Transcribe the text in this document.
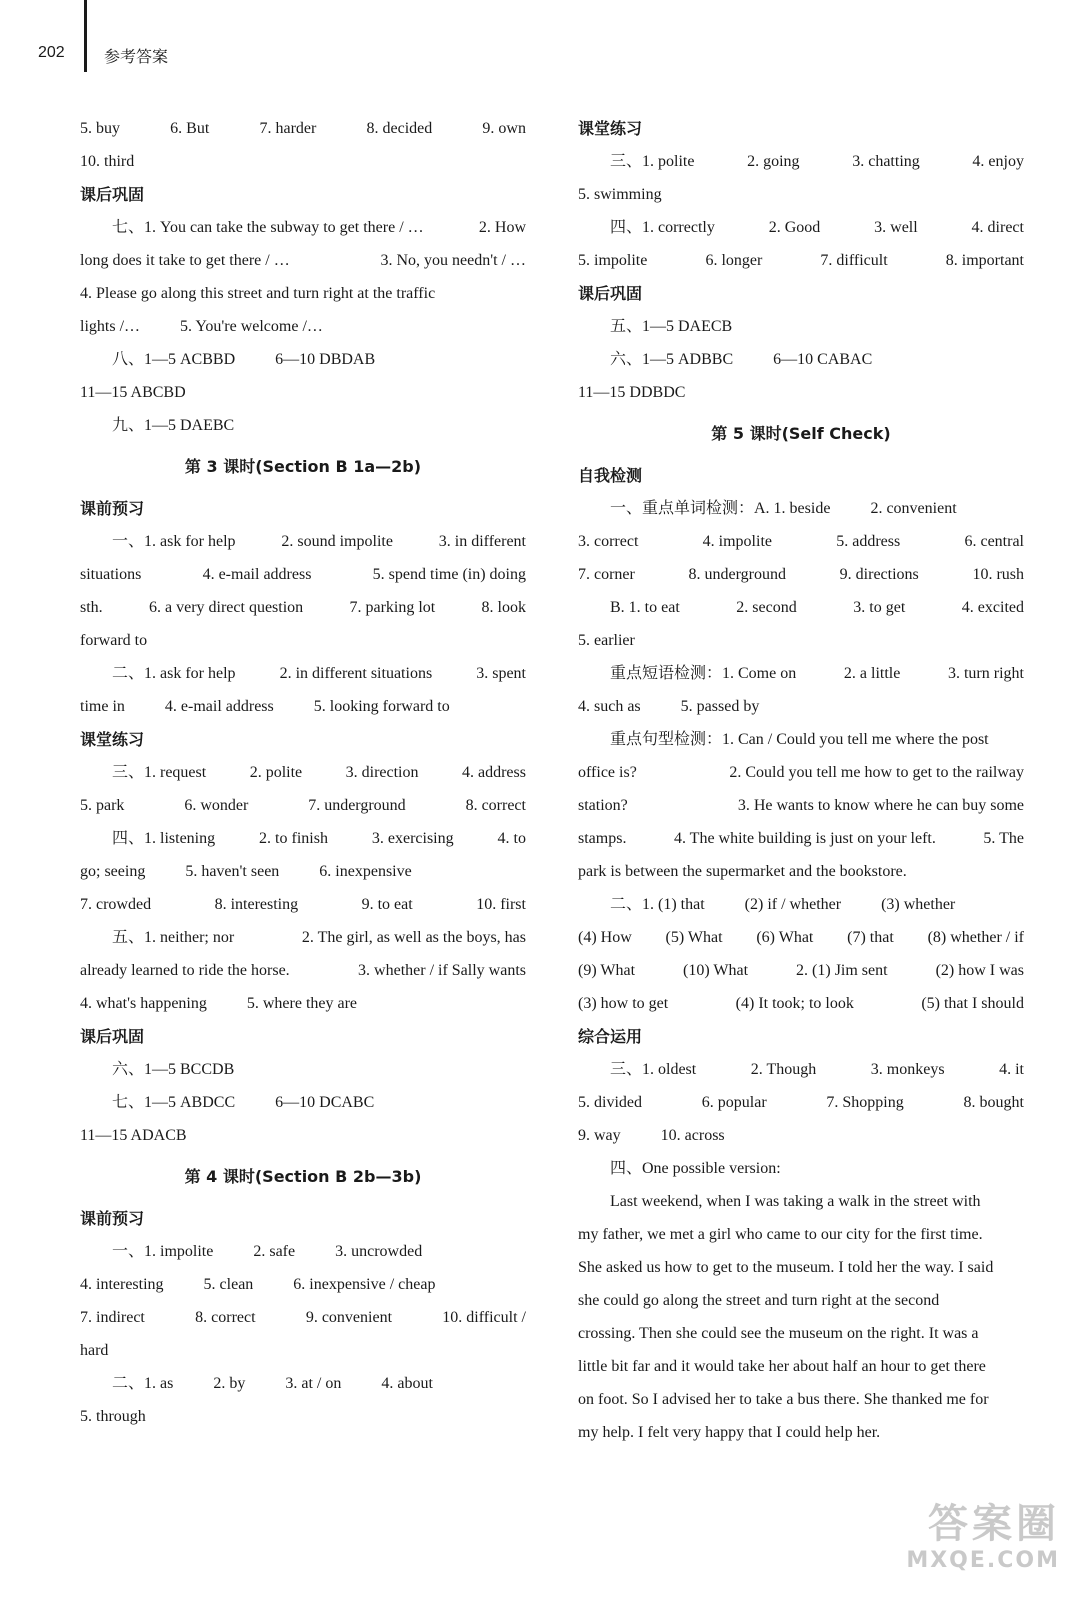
202 参考答案
5. buy	6. But	7. harder	8. decided	9. own
10. third
课后巩固
七、1. You can take the subway to get there / …	2. How
long does it take to get there / …	3. No, you needn't / …
4. Please go along this street and turn right at the traffic
lights /…	5. You're welcome /…
八、1—5 ACBBD	6—10 DBDAB
11—15 ABCBD
九、1—5 DAEBC
第 3 课时(Section B 1a—2b)
课前预习
一、1. ask for help	2. sound impolite	3. in different
situations	4. e-mail address	5. spend time (in) doing
sth.	6. a very direct question	7. parking lot	8. look
forward to
二、1. ask for help	2. in different situations	3. spent
time in	4. e-mail address	5. looking forward to
课堂练习
三、1. request	2. polite	3. direction	4. address
5. park	6. wonder	7. underground	8. correct
四、1. listening	2. to finish	3. exercising	4. to
go; seeing	5. haven't seen	6. inexpensive
7. crowded	8. interesting	9. to eat	10. first
五、1. neither; nor	2. The girl, as well as the boys, has
already learned to ride the horse.	3. whether / if Sally wants
4. what's happening	5. where they are
课后巩固
六、1—5 BCCDB
七、1—5 ABDCC	6—10 DCABC
11—15 ADACB
第 4 课时(Section B 2b—3b)
课前预习
一、1. impolite	2. safe	3. uncrowded
4. interesting	5. clean	6. inexpensive / cheap
7. indirect	8. correct	9. convenient	10. difficult /
hard
二、1. as	2. by	3. at / on	4. about
5. through
课堂练习
三、1. polite	2. going	3. chatting	4. enjoy
5. swimming
四、1. correctly	2. Good	3. well	4. direct
5. impolite	6. longer	7. difficult	8. important
课后巩固
五、1—5 DAECB
六、1—5 ADBBC	6—10 CABAC
11—15 DDBDC
第 5 课时(Self Check)
自我检测
一、重点单词检测：A. 1. beside	2. convenient
3. correct	4. impolite	5. address	6. central
7. corner	8. underground	9. directions	10. rush
B. 1. to eat	2. second	3. to get	4. excited
5. earlier
重点短语检测：1. Come on	2. a little	3. turn right
4. such as	5. passed by
重点句型检测：1. Can / Could you tell me where the post
office is?	2. Could you tell me how to get to the railway
station?	3. He wants to know where he can buy some
stamps.	4. The white building is just on your left.	5. The
park is between the supermarket and the bookstore.
二、1. (1) that	(2) if / whether	(3) whether
(4) How (5) What (6) What (7) that (8) whether / if
(9) What	(10) What	2. (1) Jim sent	(2) how I was
(3) how to get	(4) It took; to look	(5) that I should
综合运用
三、1. oldest	2. Though	3. monkeys	4. it
5. divided	6. popular	7. Shopping	8. bought
9. way	10. across
四、One possible version:
Last weekend, when I was taking a walk in the street with
my father, we met a girl who came to our city for the first time.
She asked us how to get to the museum. I told her the way. I said
she could go along the street and turn right at the second
crossing. Then she could see the museum on the right. It was a
little bit far and it would take her about half an hour to get there
on foot. So I advised her to take a bus there. She thanked me for
my help. I felt very happy that I could help her.
答案圈
MXQE.COM
